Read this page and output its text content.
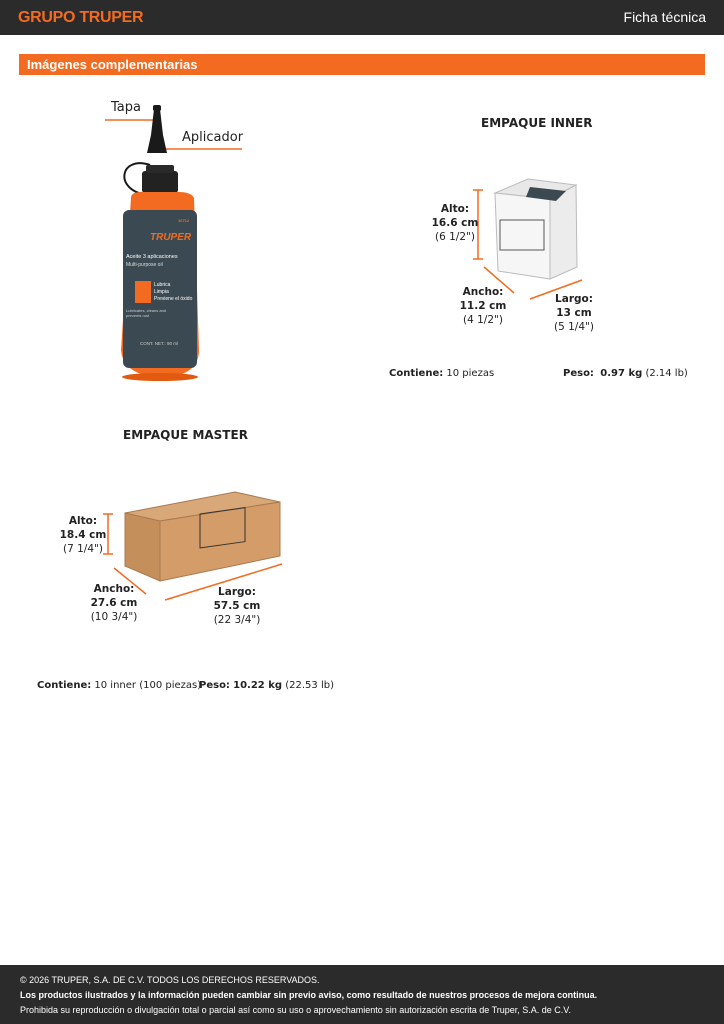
GRUPO TRUPER	Ficha técnica
Imágenes complementarias
Tapa
Aplicador
16712
TRUPER
Aceite 3 aplicaciones
Multi-purpose oil
Lubrica
Limpia
Previene el óxido
Lubricates, cleans and prevents rust
CONT. NET.: 90 ml
EMPAQUE INNER
Alto:
16.6 cm
(6 1/2")
Ancho:
11.2 cm
(4 1/2")
Largo:
13 cm
(5 1/4")
Contiene: 10 piezas	Peso: 0.97 kg (2.14 lb)
EMPAQUE MASTER
Alto:
18.4 cm
(7 1/4")
Ancho:
27.6 cm
(10 3/4")
Largo:
57.5 cm
(22 3/4")
Contiene: 10 inner (100 piezas)
Peso: 10.22 kg (22.53 lb)
© 2026 TRUPER, S.A. DE C.V. TODOS LOS DERECHOS RESERVADOS.
Los productos ilustrados y la información pueden cambiar sin previo aviso, como resultado de nuestros procesos de mejora continua.
Prohibida su reproducción o divulgación total o parcial así como su uso o aprovechamiento sin autorización escrita de Truper, S.A. de C.V.
